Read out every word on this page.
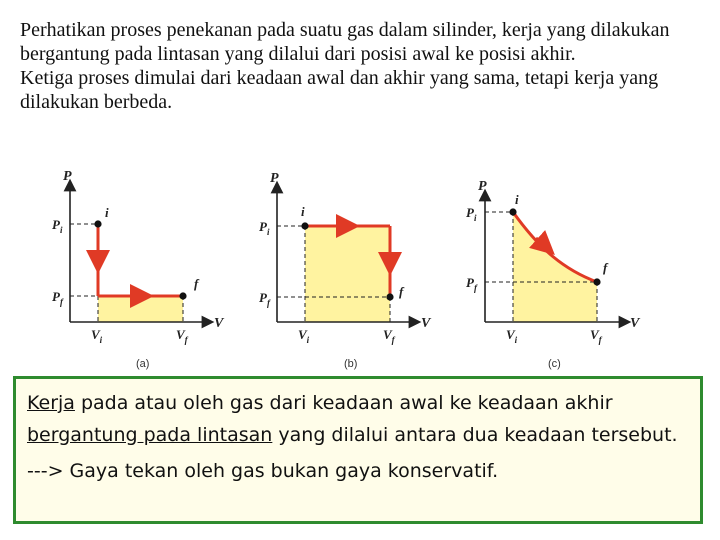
Perhatikan proses penekanan pada suatu gas dalam silinder, kerja yang dilakukan bergantung pada lintasan yang dilalui dari posisi awal ke posisi akhir.

Ketiga proses dimulai dari keadaan awal dan akhir yang sama, tetapi kerja yang dilakukan berbeda.

P
V
$P_i$
$P_f$
$V_i$	$V_f$
i
f
(a)
P
V
$P_i$
$P_f$
$V_i$	$V_f$
i
f
(b)
P
V
$P_i$
$P_f$
$V_i$	$V_f$
i
f
(c)

Kerja pada atau oleh gas dari keadaan awal ke keadaan akhir bergantung pada lintasan yang dilalui antara dua keadaan tersebut.

---> Gaya tekan oleh gas bukan gaya konservatif.
